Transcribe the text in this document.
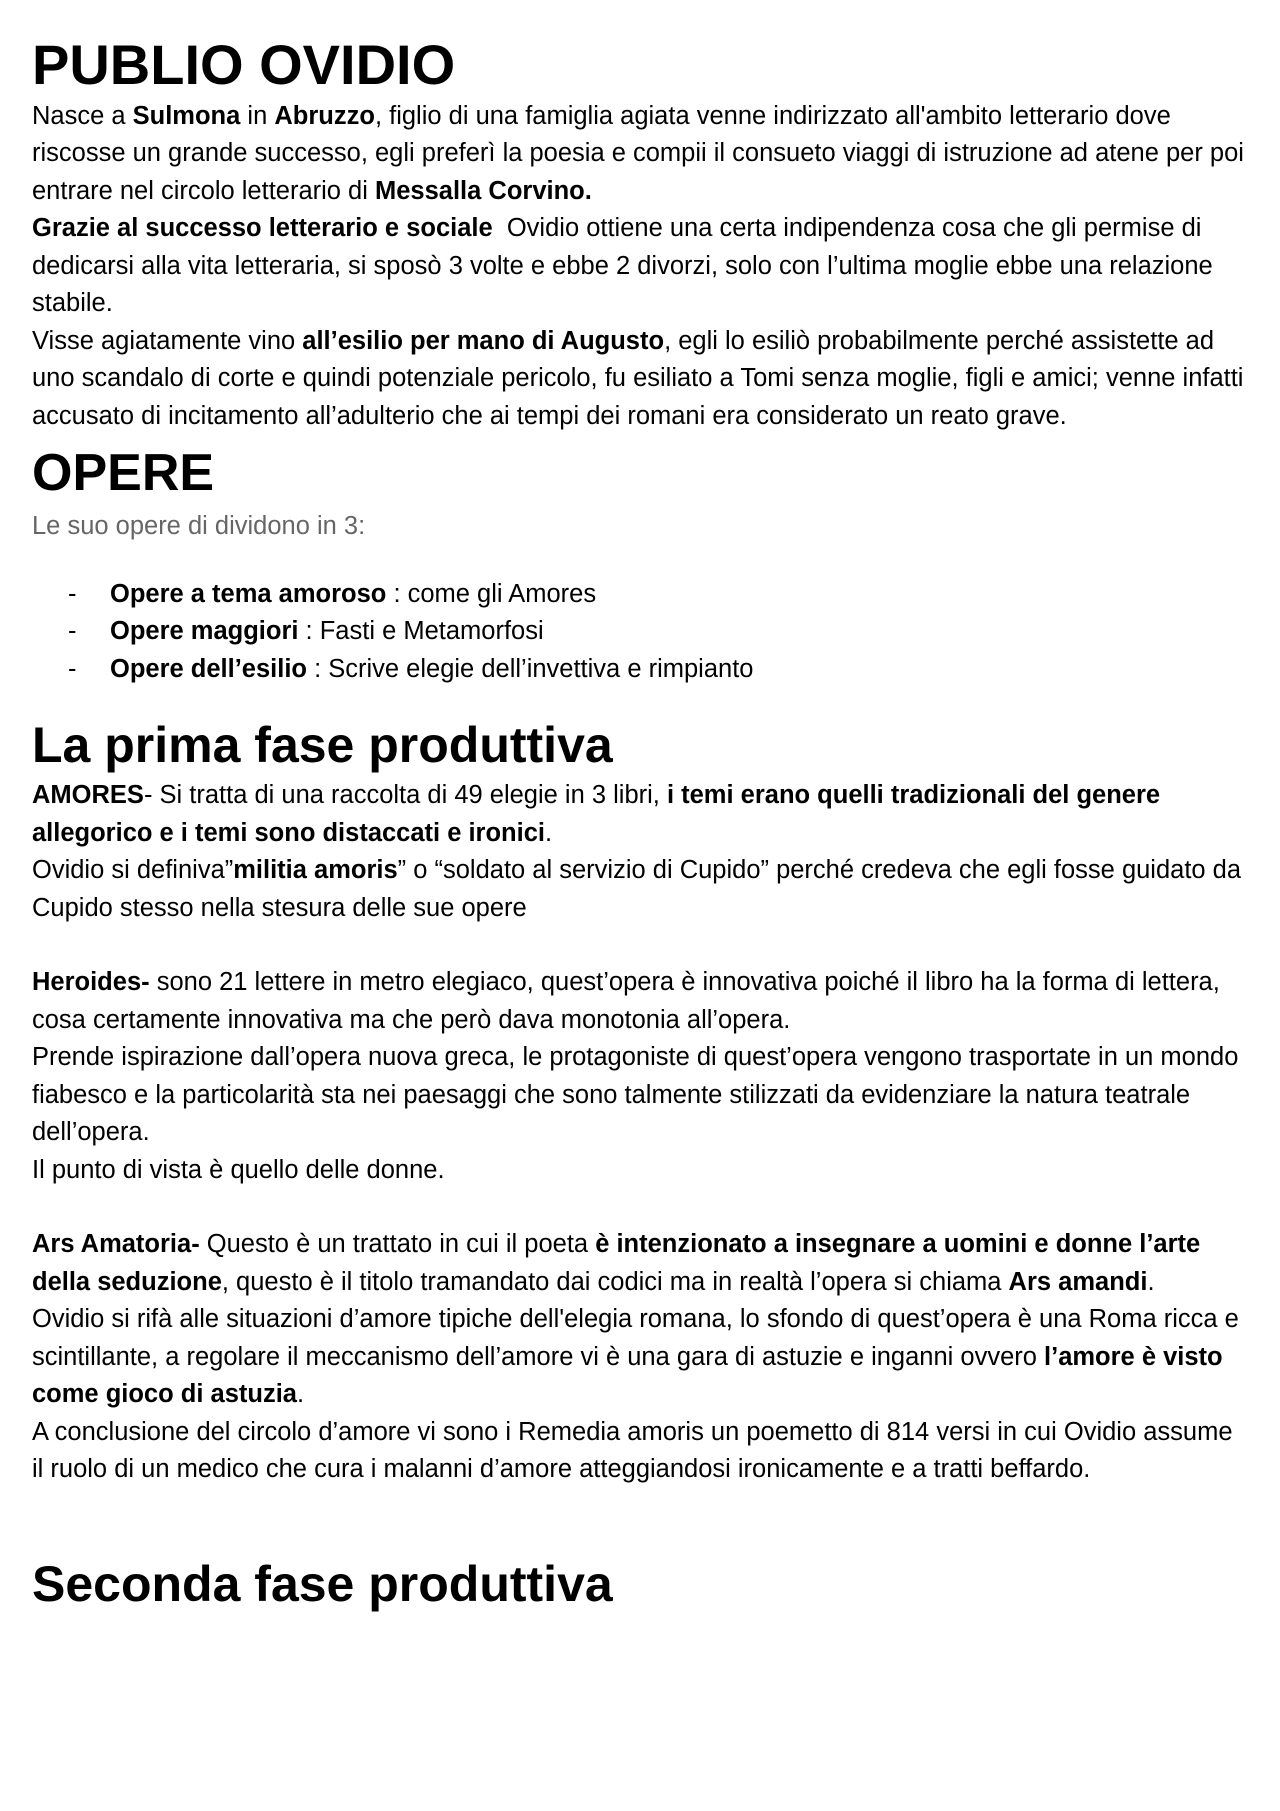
PUBLIO OVIDIO

Nasce a Sulmona in Abruzzo, figlio di una famiglia agiata venne indirizzato all'ambito letterario dove riscosse un grande successo, egli preferì la poesia e compii il consueto viaggi di istruzione ad atene per poi entrare nel circolo letterario di Messalla Corvino.

Grazie al successo letterario e sociale  Ovidio ottiene una certa indipendenza cosa che gli permise di dedicarsi alla vita letteraria, si sposò 3 volte e ebbe 2 divorzi, solo con l’ultima moglie ebbe una relazione stabile.

Visse agiatamente vino all’esilio per mano di Augusto, egli lo esiliò probabilmente perché assistette ad uno scandalo di corte e quindi potenziale pericolo, fu esiliato a Tomi senza moglie, figli e amici; venne infatti accusato di incitamento all’adulterio che ai tempi dei romani era considerato un reato grave.

OPERE

Le suo opere di dividono in 3:

- Opere a tema amoroso : come gli Amores
- Opere maggiori : Fasti e Metamorfosi
- Opere dell’esilio : Scrive elegie dell’invettiva e rimpianto
La prima fase produttiva

AMORES- Si tratta di una raccolta di 49 elegie in 3 libri, i temi erano quelli tradizionali del genere allegorico e i temi sono distaccati e ironici.

Ovidio si definiva”militia amoris” o “soldato al servizio di Cupido” perché credeva che egli fosse guidato da Cupido stesso nella stesura delle sue opere

Heroides- sono 21 lettere in metro elegiaco, quest’opera è innovativa poiché il libro ha la forma di lettera, cosa certamente innovativa ma che però dava monotonia all’opera.

Prende ispirazione dall’opera nuova greca, le protagoniste di quest’opera vengono trasportate in un mondo fiabesco e la particolarità sta nei paesaggi che sono talmente stilizzati da evidenziare la natura teatrale dell’opera.

Il punto di vista è quello delle donne.

Ars Amatoria- Questo è un trattato in cui il poeta è intenzionato a insegnare a uomini e donne l’arte della seduzione, questo è il titolo tramandato dai codici ma in realtà l’opera si chiama Ars amandi.

Ovidio si rifà alle situazioni d’amore tipiche dell'elegia romana, lo sfondo di quest’opera è una Roma ricca e scintillante, a regolare il meccanismo dell’amore vi è una gara di astuzie e inganni ovvero l’amore è visto come gioco di astuzia.

A conclusione del circolo d’amore vi sono i Remedia amoris un poemetto di 814 versi in cui Ovidio assume il ruolo di un medico che cura i malanni d’amore atteggiandosi ironicamente e a tratti beffardo.

Seconda fase produttiva
